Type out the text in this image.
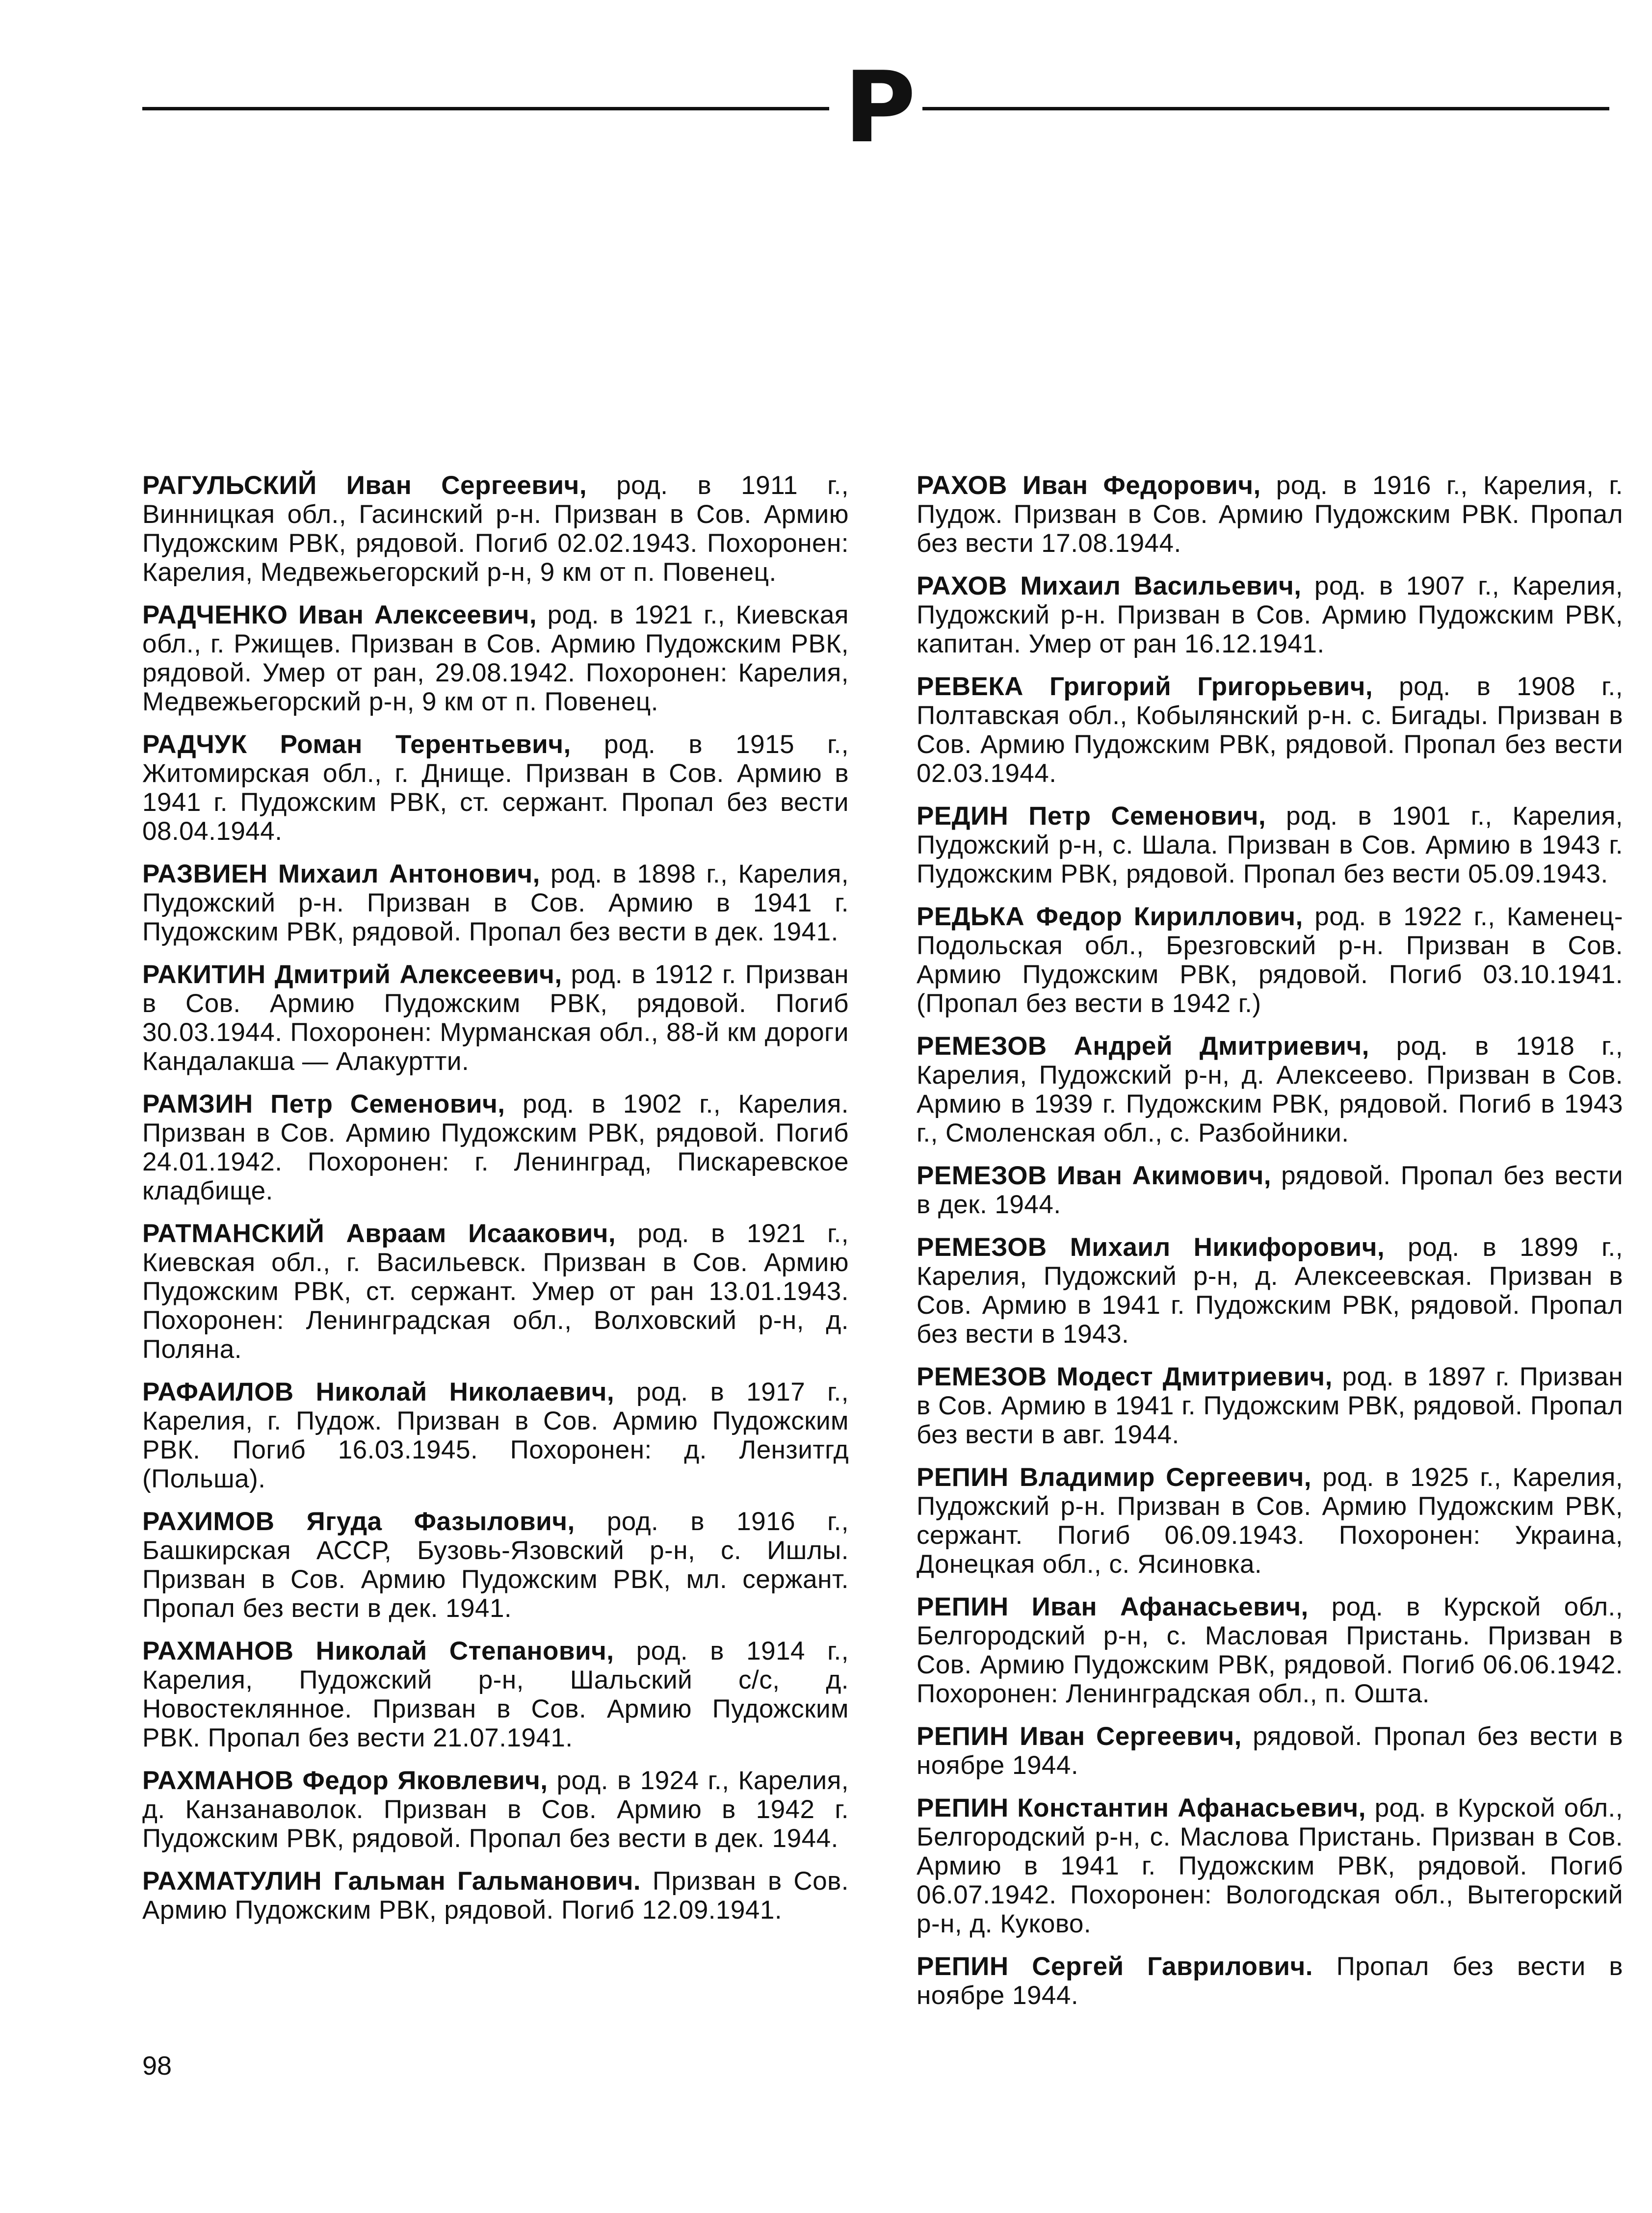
Р

РАГУЛЬСКИЙ Иван Сергеевич, род. в 1911 г., Винницкая обл., Гасинский р-н. Призван в Сов. Армию Пудожским РВК, рядовой. Погиб 02.02.1943. Похоронен: Карелия, Медвежьегорский р-н, 9 км от п. Повенец.

РАДЧЕНКО Иван Алексеевич, род. в 1921 г., Киевская обл., г. Ржищев. Призван в Сов. Армию Пудожским РВК, рядовой. Умер от ран, 29.08.1942. Похоронен: Карелия, Медвежьегорский р-н, 9 км от п. Повенец.

РАДЧУК Роман Терентьевич, род. в 1915 г., Житомирская обл., г. Днище. Призван в Сов. Армию в 1941 г. Пудожским РВК, ст. сержант. Пропал без вести 08.04.1944.

РАЗВИЕН Михаил Антонович, род. в 1898 г., Карелия, Пудожский р-н. Призван в Сов. Армию в 1941 г. Пудожским РВК, рядовой. Пропал без вести в дек. 1941.

РАКИТИН Дмитрий Алексеевич, род. в 1912 г. Призван в Сов. Армию Пудожским РВК, рядовой. Погиб 30.03.1944. Похоронен: Мурманская обл., 88-й км дороги Кандалакша — Алакуртти.

РАМЗИН Петр Семенович, род. в 1902 г., Карелия. Призван в Сов. Армию Пудожским РВК, рядовой. Погиб 24.01.1942. Похоронен: г. Ленинград, Пискаревское кладбище.

РАТМАНСКИЙ Авраам Исаакович, род. в 1921 г., Киевская обл., г. Васильевск. Призван в Сов. Армию Пудожским РВК, ст. сержант. Умер от ран 13.01.1943. Похоронен: Ленинградская обл., Волховский р-н, д. Поляна.

РАФАИЛОВ Николай Николаевич, род. в 1917 г., Карелия, г. Пудож. Призван в Сов. Армию Пудожским РВК. Погиб 16.03.1945. Похоронен: д. Лензитгд (Польша).

РАХИМОВ Ягуда Фазылович, род. в 1916 г., Башкирская АССР, Бузовь-Язовский р-н, с. Ишлы. Призван в Сов. Армию Пудожским РВК, мл. сержант. Пропал без вести в дек. 1941.

РАХМАНОВ Николай Степанович, род. в 1914 г., Карелия, Пудожский р-н, Шальский с/с, д. Новостеклянное. Призван в Сов. Армию Пудожским РВК. Пропал без вести 21.07.1941.

РАХМАНОВ Федор Яковлевич, род. в 1924 г., Карелия, д. Канзанаволок. Призван в Сов. Армию в 1942 г. Пудожским РВК, рядовой. Пропал без вести в дек. 1944.

РАХМАТУЛИН Гальман Гальманович. Призван в Сов. Армию Пудожским РВК, рядовой. Погиб 12.09.1941.

РАХОВ Иван Федорович, род. в 1916 г., Карелия, г. Пудож. Призван в Сов. Армию Пудожским РВК. Пропал без вести 17.08.1944.

РАХОВ Михаил Васильевич, род. в 1907 г., Карелия, Пудожский р-н. Призван в Сов. Армию Пудожским РВК, капитан. Умер от ран 16.12.1941.

РЕВЕКА Григорий Григорьевич, род. в 1908 г., Полтавская обл., Кобылянский р-н. с. Бигады. Призван в Сов. Армию Пудожским РВК, рядовой. Пропал без вести 02.03.1944.

РЕДИН Петр Семенович, род. в 1901 г., Карелия, Пудожский р-н, с. Шала. Призван в Сов. Армию в 1943 г. Пудожским РВК, рядовой. Пропал без вести 05.09.1943.

РЕДЬКА Федор Кириллович, род. в 1922 г., Каменец-Подольская обл., Брезговский р-н. Призван в Сов. Армию Пудожским РВК, рядовой. Погиб 03.10.1941. (Пропал без вести в 1942 г.)

РЕМЕЗОВ Андрей Дмитриевич, род. в 1918 г., Карелия, Пудожский р-н, д. Алексеево. Призван в Сов. Армию в 1939 г. Пудожским РВК, рядовой. Погиб в 1943 г., Смоленская обл., с. Разбойники.

РЕМЕЗОВ Иван Акимович, рядовой. Пропал без вести в дек. 1944.

РЕМЕЗОВ Михаил Никифорович, род. в 1899 г., Карелия, Пудожский р-н, д. Алексеевская. Призван в Сов. Армию в 1941 г. Пудожским РВК, рядовой. Пропал без вести в 1943.

РЕМЕЗОВ Модест Дмитриевич, род. в 1897 г. Призван в Сов. Армию в 1941 г. Пудожским РВК, рядовой. Пропал без вести в авг. 1944.

РЕПИН Владимир Сергеевич, род. в 1925 г., Карелия, Пудожский р-н. Призван в Сов. Армию Пудожским РВК, сержант. Погиб 06.09.1943. Похоронен: Украина, Донецкая обл., с. Ясиновка.

РЕПИН Иван Афанасьевич, род. в Курской обл., Белгородский р-н, с. Масловая Пристань. Призван в Сов. Армию Пудожским РВК, рядовой. Погиб 06.06.1942. Похоронен: Ленинградская обл., п. Ошта.

РЕПИН Иван Сергеевич, рядовой. Пропал без вести в ноябре 1944.

РЕПИН Константин Афанасьевич, род. в Курской обл., Белгородский р-н, с. Маслова Пристань. Призван в Сов. Армию в 1941 г. Пудожским РВК, рядовой. Погиб 06.07.1942. Похоронен: Вологодская обл., Вытегорский р-н, д. Куково.

РЕПИН Сергей Гаврилович. Пропал без вести в ноябре 1944.

98
